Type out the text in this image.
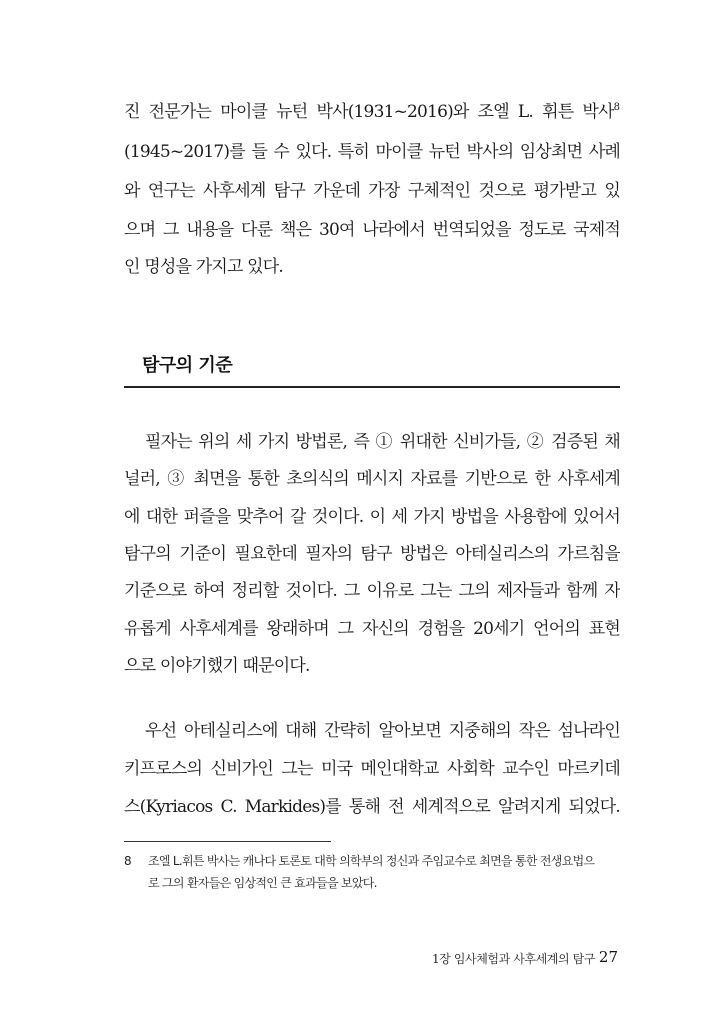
진 전문가는 마이클 뉴턴 박사(1931~2016)와 조엘 L. 휘튼 박사$^8$
(1945~2017)를 들 수 있다. 특히 마이클 뉴턴 박사의 임상최면 사례
와 연구는 사후세계 탐구 가운데 가장 구체적인 것으로 평가받고 있
으며 그 내용을 다룬 책은 30여 나라에서 번역되었을 정도로 국제적
인 명성을 가지고 있다.
탐구의 기준
필자는 위의 세 가지 방법론, 즉 ① 위대한 신비가들, ② 검증된 채
널러, ③ 최면을 통한 초의식의 메시지 자료를 기반으로 한 사후세계
에 대한 퍼즐을 맞추어 갈 것이다. 이 세 가지 방법을 사용함에 있어서
탐구의 기준이 필요한데 필자의 탐구 방법은 아테실리스의 가르침을
기준으로 하여 정리할 것이다. 그 이유로 그는 그의 제자들과 함께 자
유롭게 사후세계를 왕래하며 그 자신의 경험을 20세기 언어의 표현
으로 이야기했기 때문이다.
우선 아테실리스에 대해 간략히 알아보면 지중해의 작은 섬나라인
키프로스의 신비가인 그는 미국 메인대학교 사회학 교수인 마르키데
스(Kyriacos C. Markides)를 통해 전 세계적으로 알려지게 되었다.
8 조엘 L.휘튼 박사는 캐나다 토론토 대학 의학부의 정신과 주임교수로 최면을 통한 전생요법으
로 그의 환자들은 임상적인 큰 효과들을 보았다.
1장 임사체험과 사후세계의 탐구 27
